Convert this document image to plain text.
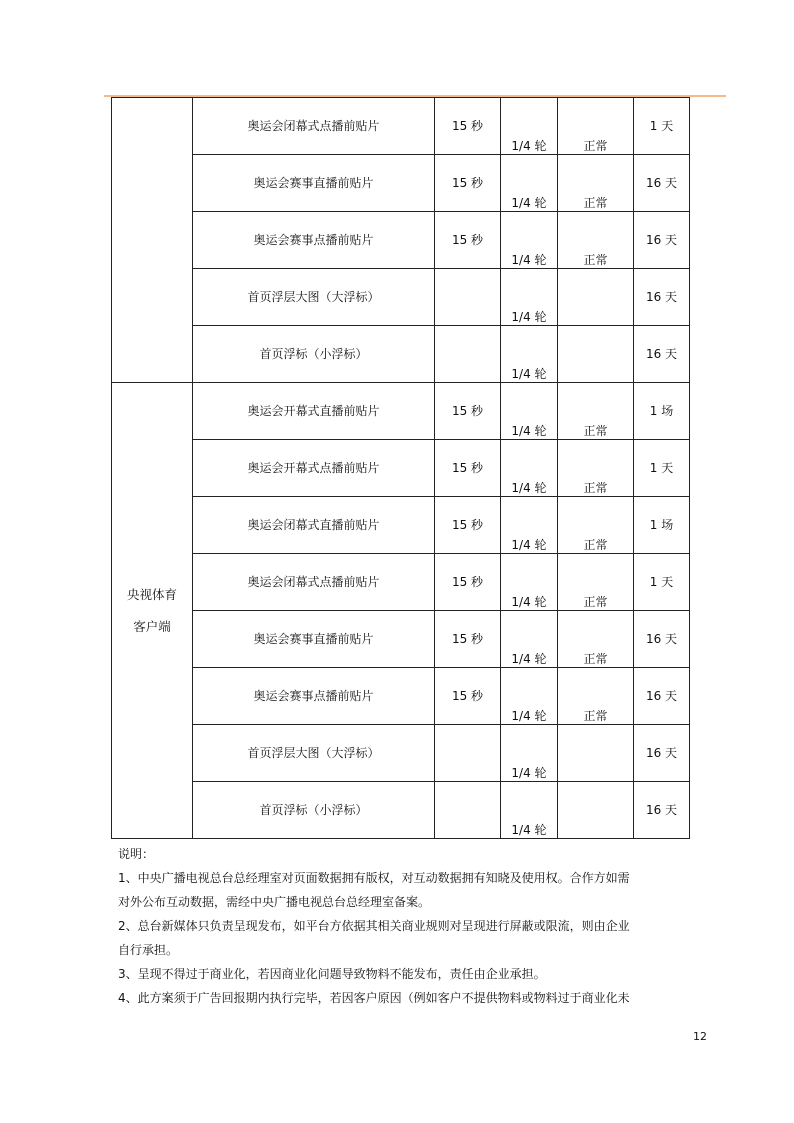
	奥运会闭幕式点播前贴片	15 秒	1/4 轮	正常	1 天
	奥运会赛事直播前贴片	15 秒	1/4 轮	正常	16 天
	奥运会赛事点播前贴片	15 秒	1/4 轮	正常	16 天
	首页浮层大图（大浮标）		1/4 轮		16 天
	首页浮标（小浮标）		1/4 轮		16 天

央视体育
客户端	奥运会开幕式直播前贴片	15 秒	1/4 轮	正常	1 场
	奥运会开幕式点播前贴片	15 秒	1/4 轮	正常	1 天
	奥运会闭幕式直播前贴片	15 秒	1/4 轮	正常	1 场
	奥运会闭幕式点播前贴片	15 秒	1/4 轮	正常	1 天
	奥运会赛事直播前贴片	15 秒	1/4 轮	正常	16 天
	奥运会赛事点播前贴片	15 秒	1/4 轮	正常	16 天
	首页浮层大图（大浮标）		1/4 轮		16 天
	首页浮标（小浮标）		1/4 轮		16 天

说明：

1、中央广播电视总台总经理室对页面数据拥有版权，对互动数据拥有知晓及使用权。合作方如需

对外公布互动数据，需经中央广播电视总台总经理室备案。

2、总台新媒体只负责呈现发布，如平台方依据其相关商业规则对呈现进行屏蔽或限流，则由企业

自行承担。

3、呈现不得过于商业化，若因商业化问题导致物料不能发布，责任由企业承担。

4、此方案须于广告回报期内执行完毕，若因客户原因（例如客户不提供物料或物料过于商业化未

12
